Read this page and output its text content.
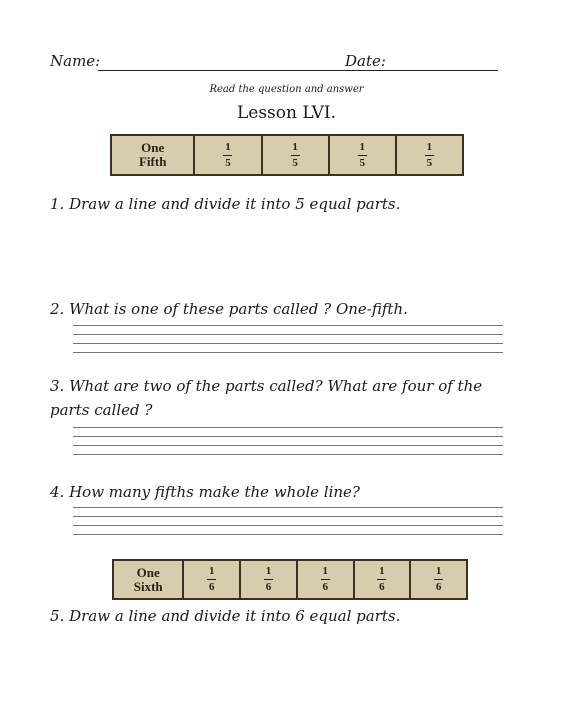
Name:	Date:
Read the question and answer
Lesson LVI.
One
Fifth $\frac{1}{5} \frac{1}{5} \frac{1}{5} \frac{1}{5}$
1. Draw a line and divide it into 5 equal parts.
2. What is one of these parts called ? One-fifth.
3. What are two of the parts called? What are four of the parts called ?
4. How many fifths make the whole line?
One
Sixth $\frac{1}{6} \frac{1}{6} \frac{1}{6} \frac{1}{6} \frac{1}{6}$
5. Draw a line and divide it into 6 equal parts.
